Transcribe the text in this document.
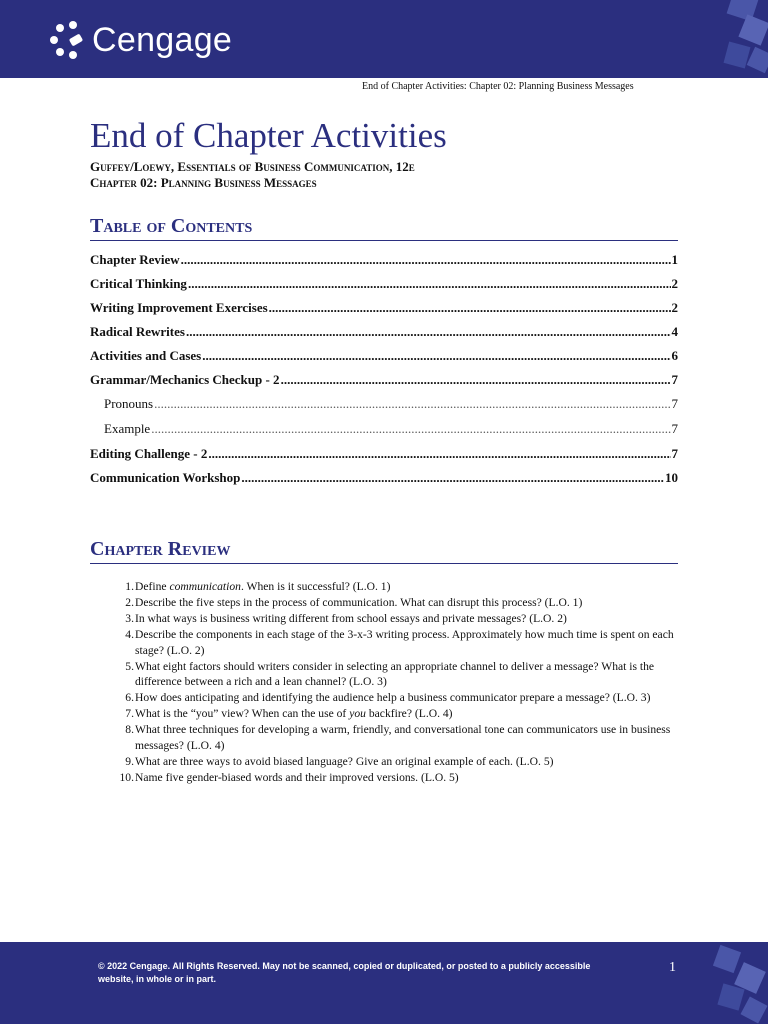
Cengage
End of Chapter Activities: Chapter 02: Planning Business Messages
End of Chapter Activities
Guffey/Loewy, Essentials of Business Communication, 12e
Chapter 02: Planning Business Messages
Table of Contents
Chapter Review .....	1
Critical Thinking .....	2
Writing Improvement Exercises .....	2
Radical Rewrites .....	4
Activities and Cases .....	6
Grammar/Mechanics Checkup - 2 .....	7
Pronouns .....	7
Example .....	7
Editing Challenge - 2 .....	7
Communication Workshop .....	10
Chapter Review
1. Define communication. When is it successful? (L.O. 1)
2. Describe the five steps in the process of communication. What can disrupt this process? (L.O. 1)
3. In what ways is business writing different from school essays and private messages? (L.O. 2)
4. Describe the components in each stage of the 3-x-3 writing process. Approximately how much time is spent on each stage? (L.O. 2)
5. What eight factors should writers consider in selecting an appropriate channel to deliver a message? What is the difference between a rich and a lean channel? (L.O. 3)
6. How does anticipating and identifying the audience help a business communicator prepare a message? (L.O. 3)
7. What is the “you” view? When can the use of you backfire? (L.O. 4)
8. What three techniques for developing a warm, friendly, and conversational tone can communicators use in business messages? (L.O. 4)
9. What are three ways to avoid biased language? Give an original example of each. (L.O. 5)
10. Name five gender-biased words and their improved versions. (L.O. 5)
© 2022 Cengage. All Rights Reserved. May not be scanned, copied or duplicated, or posted to a publicly accessible website, in whole or in part.
1
